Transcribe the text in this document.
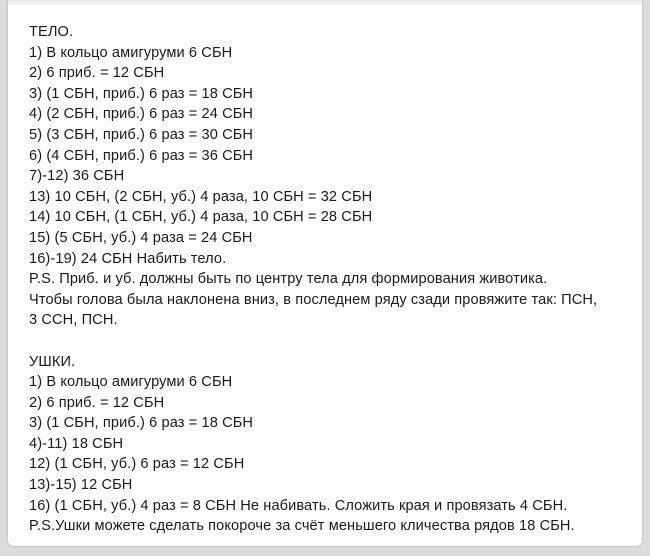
ТЕЛО.
1) В кольцо амигуруми 6 СБН
2) 6 приб. = 12 СБН
3) (1 СБН, приб.) 6 раз = 18 СБН
4) (2 СБН, приб.) 6 раз = 24 СБН
5) (3 СБН, приб.) 6 раз = 30 СБН
6) (4 СБН, приб.) 6 раз = 36 СБН
7)-12) 36 СБН
13) 10 СБН, (2 СБН, уб.) 4 раза, 10 СБН = 32 СБН
14) 10 СБН, (1 СБН, уб.) 4 раза, 10 СБН = 28 СБН
15) (5 СБН, уб.) 4 раза = 24 СБН
16)-19) 24 СБН Набить тело.
P.S. Приб. и уб. должны быть по центру тела для формирования животика.
Чтобы голова была наклонена вниз, в последнем ряду сзади провяжите так: ПСН,
3 ССН, ПСН.
УШКИ.
1) В кольцо амигуруми 6 СБН
2) 6 приб. = 12 СБН
3) (1 СБН, приб.) 6 раз = 18 СБН
4)-11) 18 СБН
12) (1 СБН, уб.) 6 раз = 12 СБН
13)-15) 12 СБН
16) (1 СБН, уб.) 4 раз = 8 СБН Не набивать. Сложить края и провязать 4 СБН.
P.S.Ушки можете сделать покороче за счёт меньшего кличества рядов 18 СБН.
